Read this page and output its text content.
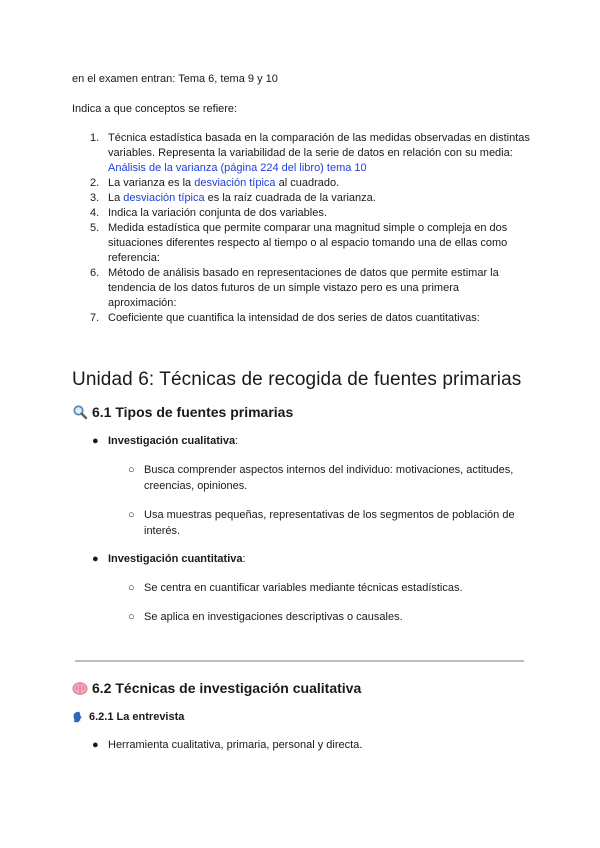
en el examen entran: Tema 6, tema 9 y 10
Indica a que conceptos se refiere:
1. Técnica estadística basada en la comparación de las medidas observadas en distintas variables. Representa la variabilidad de la serie de datos en relación con su media: Análisis de la varianza (página 224 del libro) tema 10
2. La varianza es la desviación típica al cuadrado.
3. La desviación típica es la raíz cuadrada de la varianza.
4. Indica la variación conjunta de dos variables.
5. Medida estadística que permite comparar una magnitud simple o compleja en dos situaciones diferentes respecto al tiempo o al espacio tomando una de ellas como referencia:
6. Método de análisis basado en representaciones de datos que permite estimar la tendencia de los datos futuros de un simple vistazo pero es una primera aproximación:
7. Coeficiente que cuantifica la intensidad de dos series de datos cuantitativas:
Unidad 6: Técnicas de recogida de fuentes primarias
6.1 Tipos de fuentes primarias
● Investigación cualitativa:
○ Busca comprender aspectos internos del individuo: motivaciones, actitudes, creencias, opiniones.
○ Usa muestras pequeñas, representativas de los segmentos de población de interés.
● Investigación cuantitativa:
○ Se centra en cuantificar variables mediante técnicas estadísticas.
○ Se aplica en investigaciones descriptivas o causales.
6.2 Técnicas de investigación cualitativa
6.2.1 La entrevista
● Herramienta cualitativa, primaria, personal y directa.
